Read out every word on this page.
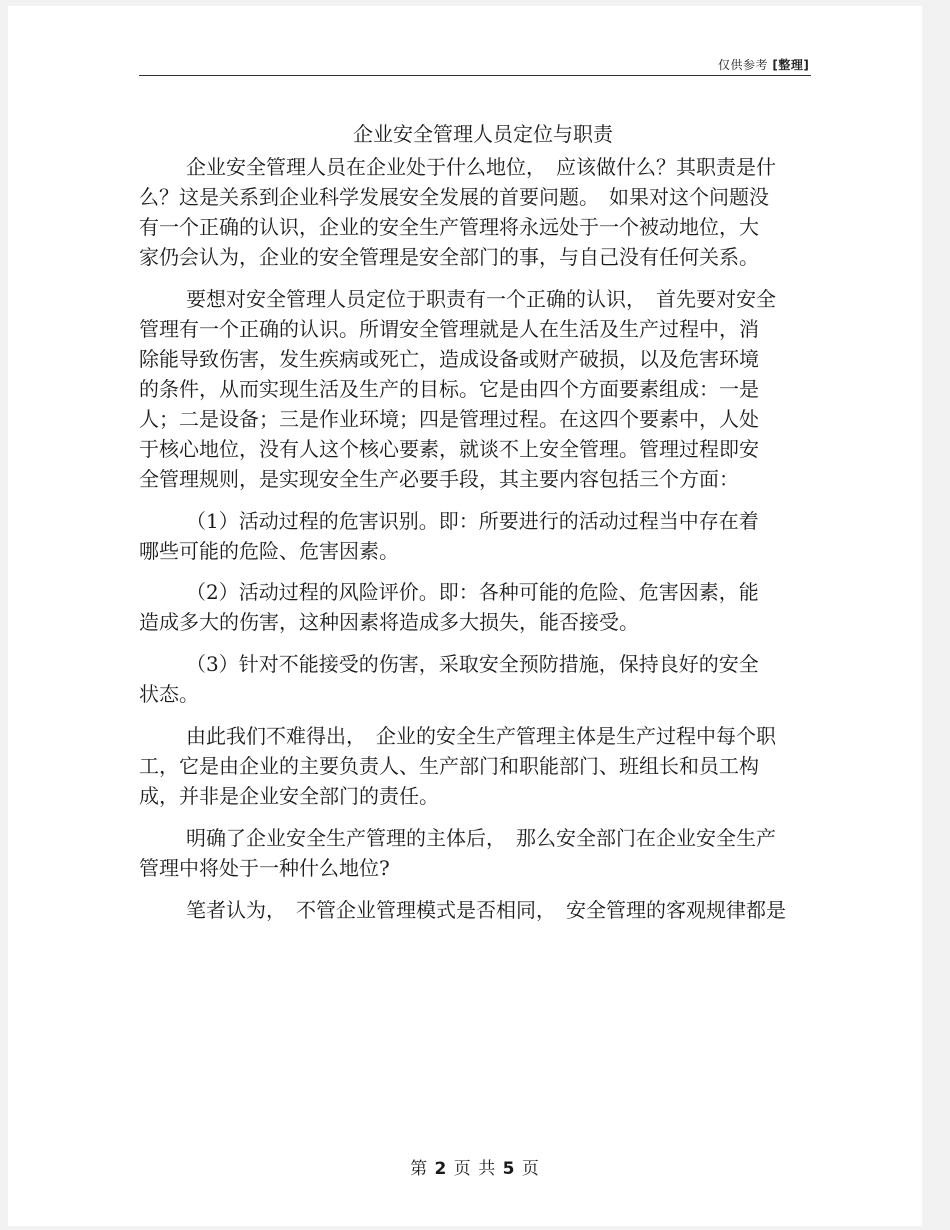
仅供参考 [整理]
企业安全管理人员定位与职责

企业安全管理人员在企业处于什么地位，　应该做什么？其职责是什
么？这是关系到企业科学发展安全发展的首要问题。　如果对这个问题没
有一个正确的认识，企业的安全生产管理将永远处于一个被动地位，大
家仍会认为，企业的安全管理是安全部门的事，与自己没有任何关系。

要想对安全管理人员定位于职责有一个正确的认识，　首先要对安全
管理有一个正确的认识。所谓安全管理就是人在生活及生产过程中，消
除能导致伤害，发生疾病或死亡，造成设备或财产破损，以及危害环境
的条件，从而实现生活及生产的目标。它是由四个方面要素组成：一是
人；二是设备；三是作业环境；四是管理过程。在这四个要素中，人处
于核心地位，没有人这个核心要素，就谈不上安全管理。管理过程即安
全管理规则，是实现安全生产必要手段，其主要内容包括三个方面：

（1）活动过程的危害识别。即：所要进行的活动过程当中存在着
哪些可能的危险、危害因素。

（2）活动过程的风险评价。即：各种可能的危险、危害因素，能
造成多大的伤害，这种因素将造成多大损失，能否接受。

（3）针对不能接受的伤害，采取安全预防措施，保持良好的安全
状态。

由此我们不难得出，　企业的安全生产管理主体是生产过程中每个职
工，它是由企业的主要负责人、生产部门和职能部门、班组长和员工构
成，并非是企业安全部门的责任。

明确了企业安全生产管理的主体后，　那么安全部门在企业安全生产
管理中将处于一种什么地位?

笔者认为，　不管企业管理模式是否相同，　安全管理的客观规律都是

第 2 页 共 5 页
